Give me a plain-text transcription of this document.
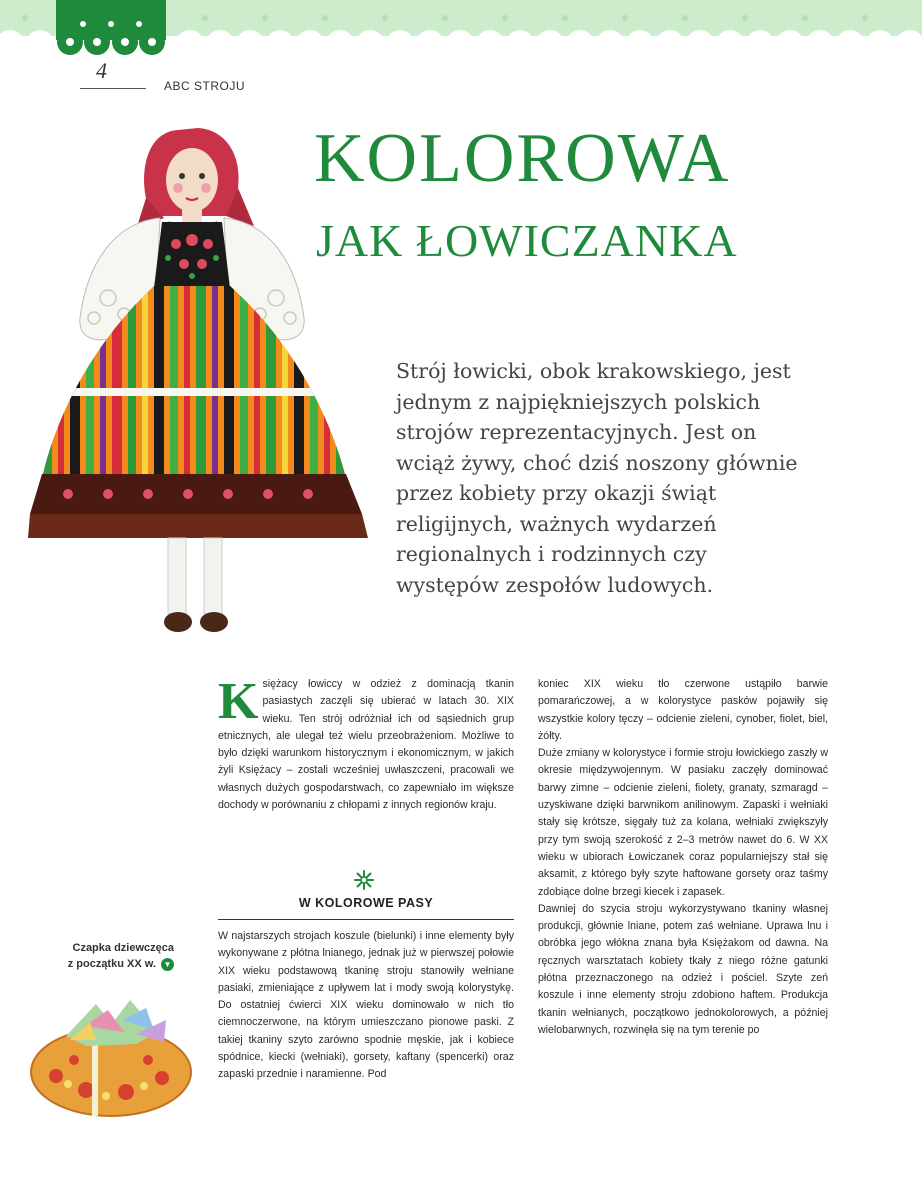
4
ABC STROJU
KOLOROWA
JAK ŁOWICZANKA

Strój łowicki, obok krakowskiego, jest jednym z najpiękniejszych polskich strojów reprezentacyjnych. Jest on wciąż żywy, choć dziś noszony głównie przez kobiety przy okazji świąt religijnych, ważnych wydarzeń regionalnych i rodzinnych czy występów zespołów ludowych.

Księżacy łowiccy w odzież z dominacją tkanin pasiastych zaczęli się ubierać w latach 30. XIX wieku. Ten strój odróżniał ich od sąsiednich grup etnicznych, ale ulegał też wielu przeobrażeniom. Możliwe to było dzięki warunkom historycznym i ekonomicznym, w jakich żyli Księżacy – zostali wcześniej uwłaszczeni, pracowali we własnych dużych gospodarstwach, co zapewniało im większe dochody w porównaniu z chłopami z innych regionów kraju.
W KOLOROWE PASY

W najstarszych strojach koszule (bielunki) i inne elementy były wykonywane z płótna lnianego, jednak już w pierwszej połowie XIX wieku podstawową tkaninę stroju stanowiły wełniane pasiaki, zmieniające z upływem lat i mody swoją kolorystykę. Do ostatniej ćwierci XIX wieku dominowało w nich tło ciemnoczerwone, na którym umieszczano pionowe paski. Z takiej tkaniny szyto zarówno spodnie męskie, jak i kobiece spódnice, kiecki (wełniaki), gorsety, kaftany (spencerki) oraz zapaski przednie i naramienne. Pod

koniec XIX wieku tło czerwone ustąpiło barwie pomarańczowej, a w kolorystyce pasków pojawiły się wszystkie kolory tęczy – odcienie zieleni, cynober, fiolet, biel, żółty.

Duże zmiany w kolorystyce i formie stroju łowickiego zaszły w okresie międzywojennym. W pasiaku zaczęły dominować barwy zimne – odcienie zieleni, fiolety, granaty, szmaragd – uzyskiwane dzięki barwnikom anilinowym. Zapaski i wełniaki stały się krótsze, sięgały tuż za kolana, wełniaki zwiększyły przy tym swoją szerokość z 2–3 metrów nawet do 6. W XX wieku w ubiorach Łowiczanek coraz popularniejszy stał się aksamit, z którego były szyte haftowane gorsety oraz taśmy zdobiące dolne brzegi kiecek i zapasek.

Dawniej do szycia stroju wykorzystywano tkaniny własnej produkcji, głównie lniane, potem zaś wełniane. Uprawa lnu i obróbka jego włókna znana była Księżakom od dawna. Na ręcznych warsztatach kobiety tkały z niego różne gatunki płótna przeznaczonego na odzież i pościel. Szyte zeń koszule i inne elementy stroju zdobiono haftem. Produkcja tkanin wełnianych, początkowo jednokolorowych, a później wielobarwnych, rozwinęła się na tym terenie po

Czapka dziewczęca
z początku XX w. ▼
